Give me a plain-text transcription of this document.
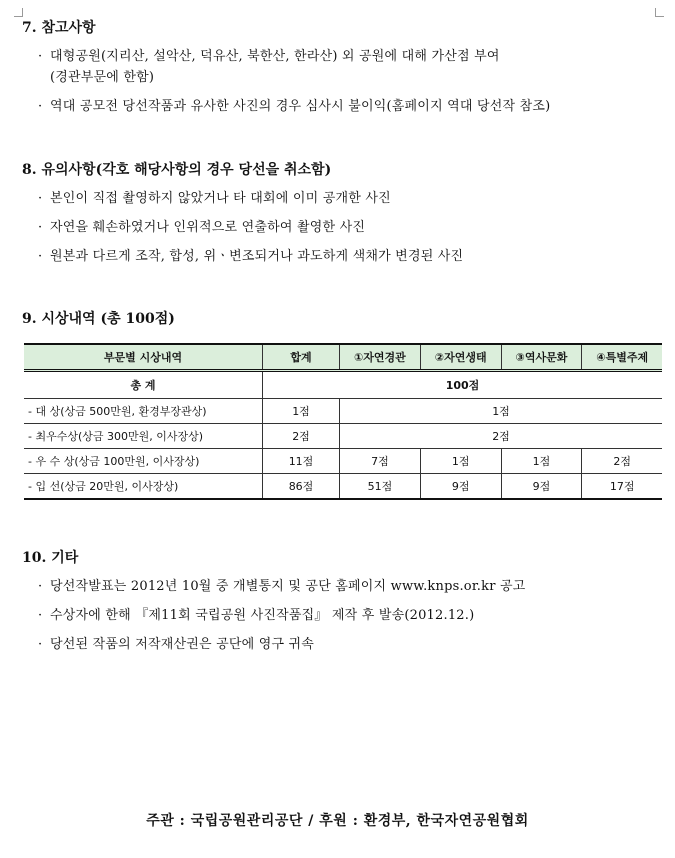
7. 참고사항
· 대형공원(지리산, 설악산, 덕유산, 북한산, 한라산) 외 공원에 대해 가산점 부여
(경관부문에 한함)
· 역대 공모전 당선작품과 유사한 사진의 경우 심사시 불이익(홈페이지 역대 당선작 참조)
8. 유의사항(각호 해당사항의 경우 당선을 취소함)
· 본인이 직접 촬영하지 않았거나 타 대회에 이미 공개한 사진
· 자연을 훼손하였거나 인위적으로 연출하여 촬영한 사진
· 원본과 다르게 조작, 합성, 위ㆍ변조되거나 과도하게 색채가 변경된 사진
9. 시상내역 (총 100점)
부문별 시상내역	합계	①자연경관	②자연생태	③역사문화	④특별주제
총 계	100점				
- 대 상(상금 500만원, 환경부장관상)	1점	1점			
- 최우수상(상금 300만원, 이사장상)	2점	2점			
- 우 수 상(상금 100만원, 이사장상)	11점	7점	1점	1점	2점
- 입 선(상금 20만원, 이사장상)	86점	51점	9점	9점	17점
10. 기타
· 당선작발표는 2012년 10월 중 개별통지 및 공단 홈페이지 www.knps.or.kr 공고
· 수상자에 한해 『제11회 국립공원 사진작품집』 제작 후 발송(2012.12.)
· 당선된 작품의 저작재산권은 공단에 영구 귀속
주관 : 국립공원관리공단 / 후원 : 환경부, 한국자연공원협회
